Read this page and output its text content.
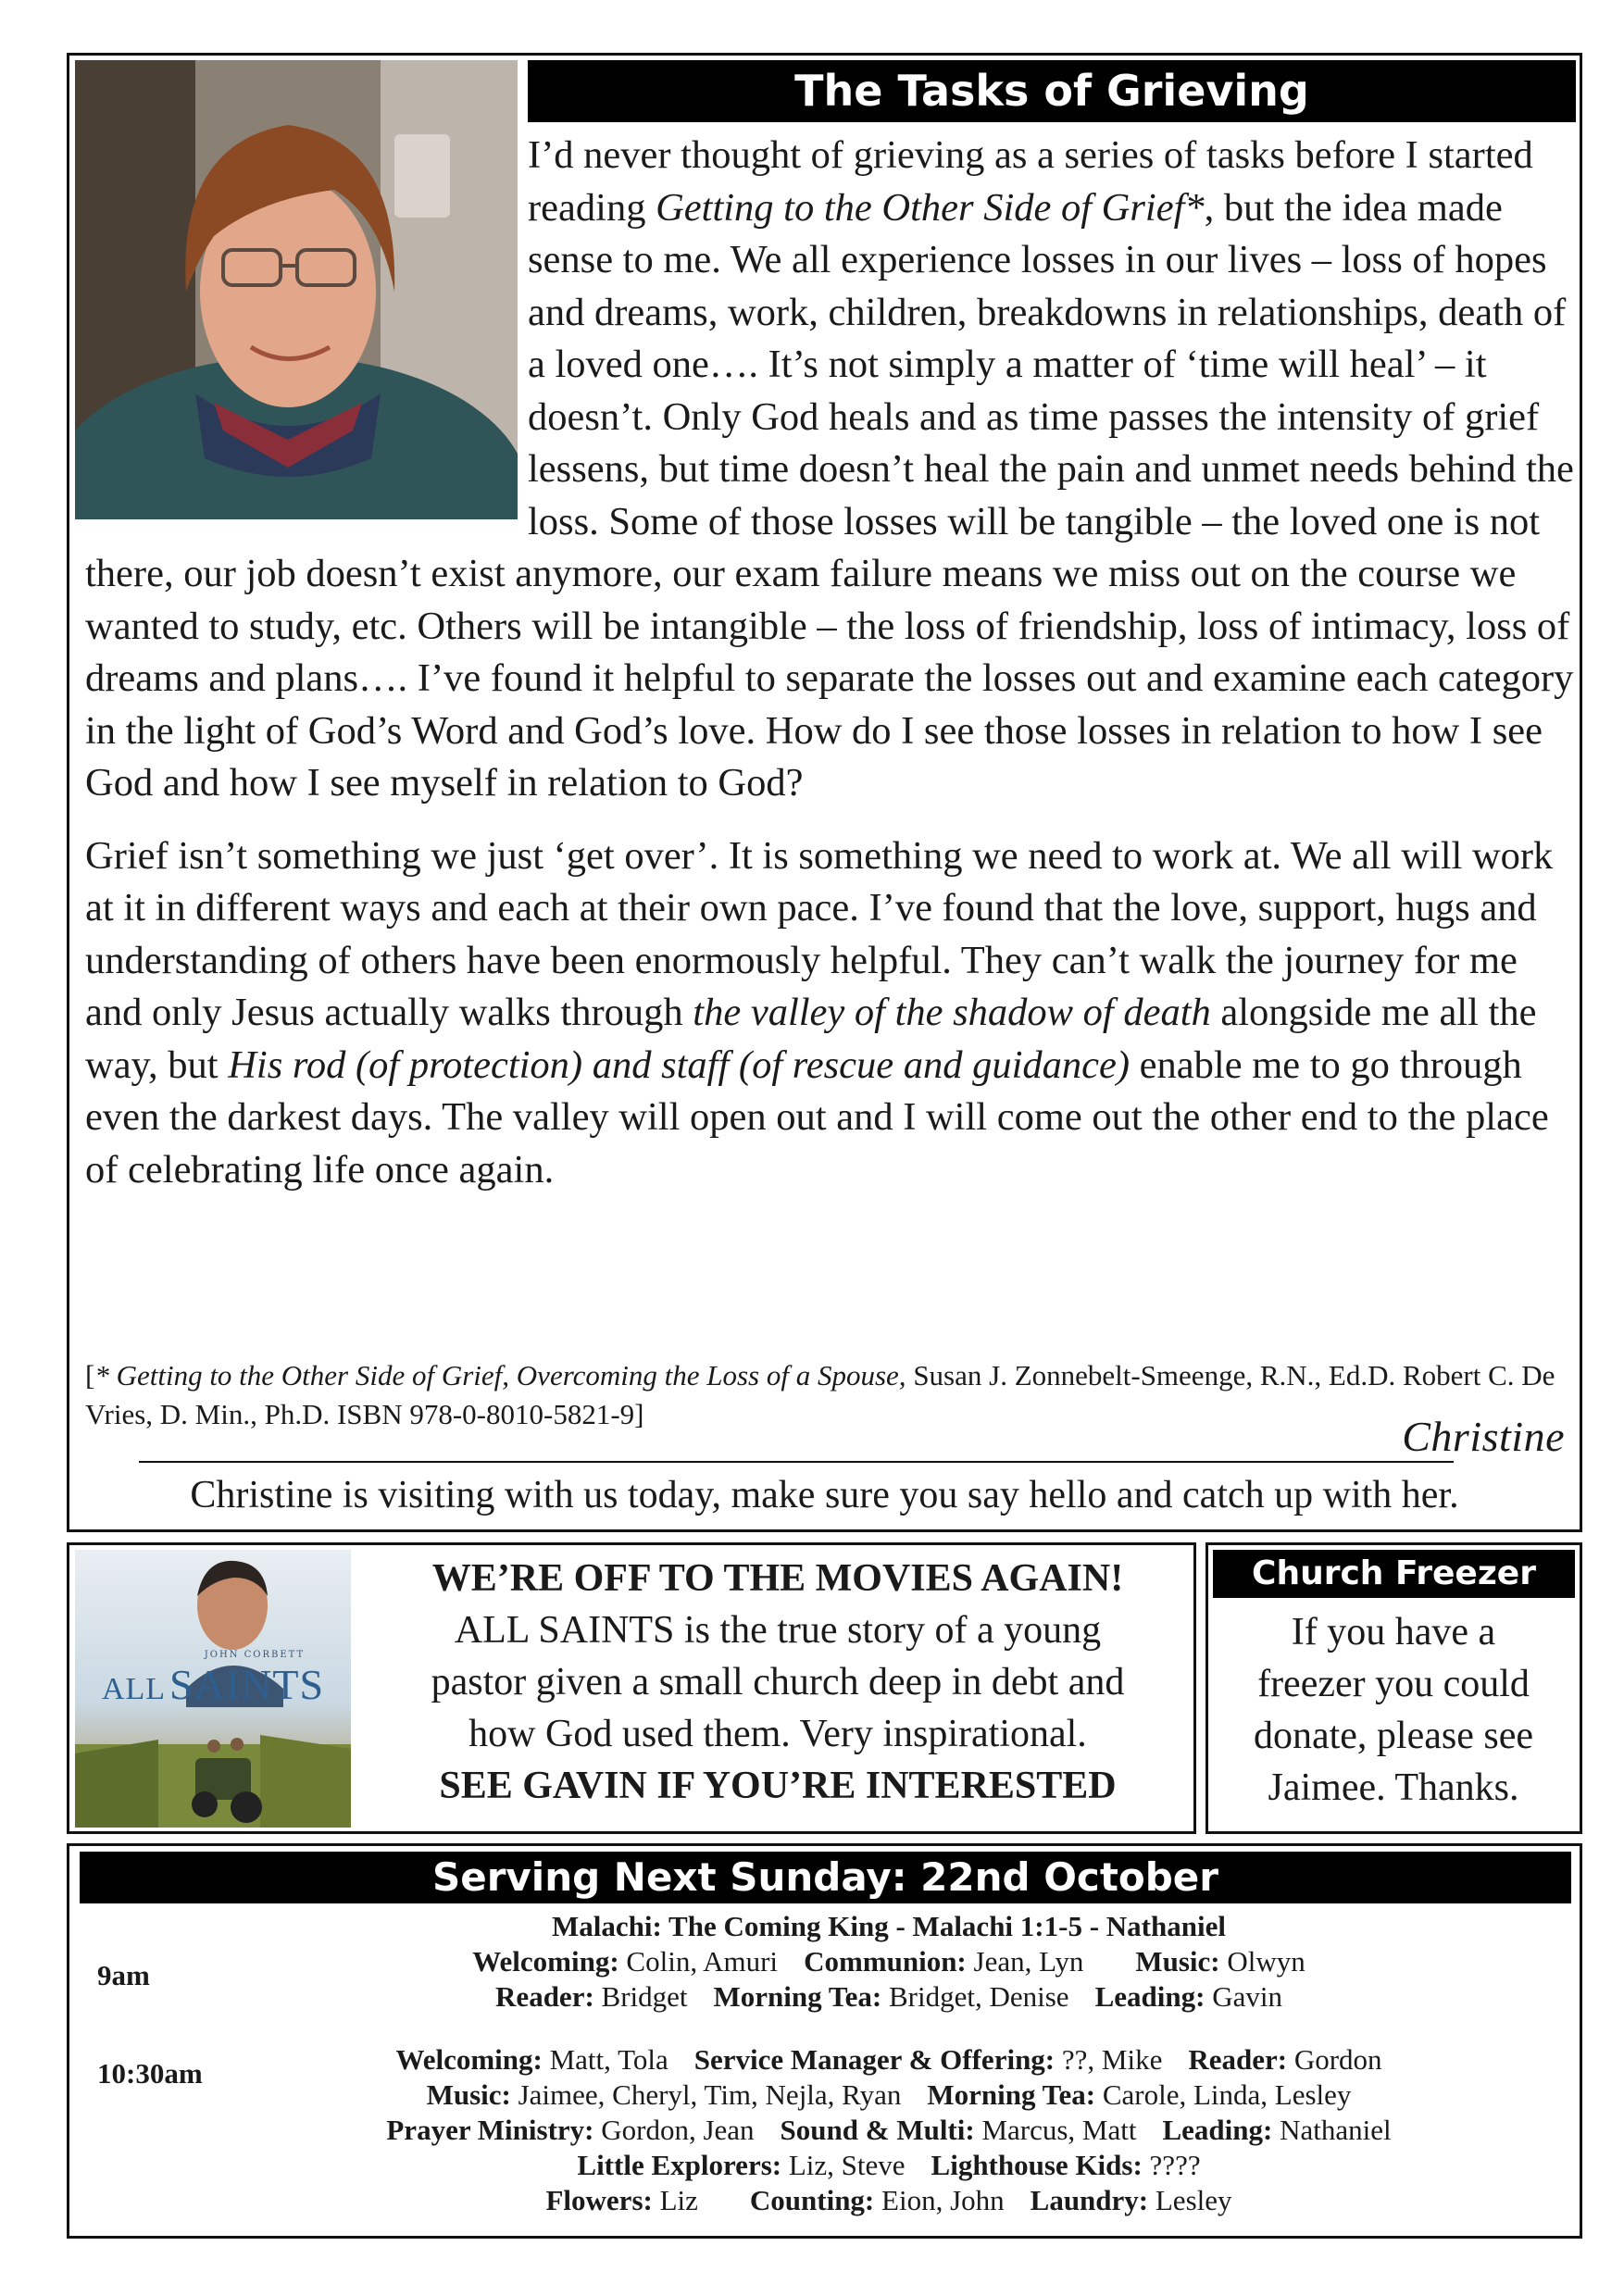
The Tasks of Grieving

I’d never thought of grieving as a series of tasks before I started reading Getting to the Other Side of Grief*, but the idea made sense to me. We all experience losses in our lives – loss of hopes and dreams, work, children, breakdowns in relationships, death of a loved one…. It’s not simply a matter of ‘time will heal’ – it doesn’t. Only God heals and as time passes the intensity of grief lessens, but time doesn’t heal the pain and unmet needs behind the loss. Some of those losses will be tangible – the loved one is not there, our job doesn’t exist anymore, our exam failure means we miss out on the course we wanted to study, etc. Others will be intangible – the loss of friendship, loss of intimacy, loss of dreams and plans…. I’ve found it helpful to separate the losses out and examine each category in the light of God’s Word and God’s love. How do I see those losses in relation to how I see God and how I see myself in relation to God?

Grief isn’t something we just ‘get over’. It is something we need to work at. We all will work at it in different ways and each at their own pace. I’ve found that the love, support, hugs and understanding of others have been enormously helpful. They can’t walk the journey for me and only Jesus actually walks through the valley of the shadow of death alongside me all the way, but His rod (of protection) and staff (of rescue and guidance) enable me to go through even the darkest days. The valley will open out and I will come out the other end to the place of celebrating life once again.

[* Getting to the Other Side of Grief, Overcoming the Loss of a Spouse, Susan J. Zonnebelt-Smeenge, R.N., Ed.D. Robert C. De Vries, D. Min., Ph.D. ISBN 978-0-8010-5821-9]	Christine
Christine is visiting with us today, make sure you say hello and catch up with her.
JOHN CORBETT
ALL SAINTS
WE’RE OFF TO THE MOVIES AGAIN!
ALL SAINTS is the true story of a young
pastor given a small church deep in debt and
how God used them. Very inspirational.
SEE GAVIN IF YOU’RE INTERESTED
Church Freezer
If you have a
freezer you could
donate, please see
Jaimee. Thanks.
Serving Next Sunday: 22nd October
Malachi: The Coming King - Malachi 1:1-5 - Nathaniel
9am	Welcoming: Colin, Amuri Communion: Jean, Lyn Music: Olwyn
Reader: Bridget Morning Tea: Bridget, Denise Leading: Gavin
10:30am	Welcoming: Matt, Tola Service Manager & Offering: ??, Mike Reader: Gordon
Music: Jaimee, Cheryl, Tim, Nejla, Ryan Morning Tea: Carole, Linda, Lesley
Prayer Ministry: Gordon, Jean Sound & Multi: Marcus, Matt Leading: Nathaniel
Little Explorers: Liz, Steve Lighthouse Kids: ????
Flowers: Liz Counting: Eion, John Laundry: Lesley
